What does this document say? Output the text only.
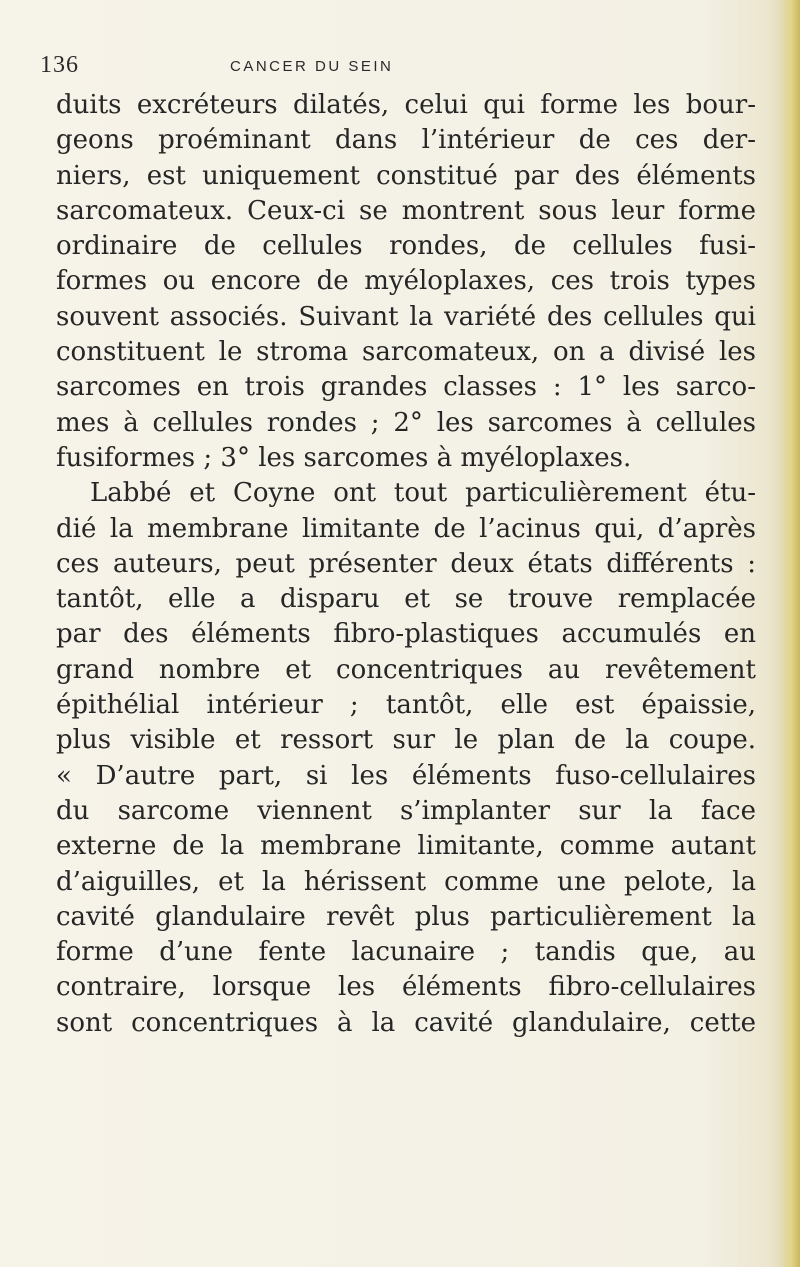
136	CANCER DU SEIN
duits excréteurs dilatés, celui qui forme les bour-
geons proéminant dans l’intérieur de ces der-
niers, est uniquement constitué par des éléments
sarcomateux. Ceux-ci se montrent sous leur forme
ordinaire de cellules rondes, de cellules fusi-
formes ou encore de myéloplaxes, ces trois types
souvent associés. Suivant la variété des cellules qui
constituent le stroma sarcomateux, on a divisé les
sarcomes en trois grandes classes : 1° les sarco-
mes à cellules rondes ; 2° les sarcomes à cellules
fusiformes ; 3° les sarcomes à myéloplaxes.
Labbé et Coyne ont tout particulièrement étu-
dié la membrane limitante de l’acinus qui, d’après
ces auteurs, peut présenter deux états différents :
tantôt, elle a disparu et se trouve remplacée
par des éléments fibro-plastiques accumulés en
grand nombre et concentriques au revêtement
épithélial intérieur ; tantôt, elle est épaissie,
plus visible et ressort sur le plan de la coupe.
« D’autre part, si les éléments fuso-cellulaires
du sarcome viennent s’implanter sur la face
externe de la membrane limitante, comme autant
d’aiguilles, et la hérissent comme une pelote, la
cavité glandulaire revêt plus particulièrement la
forme d’une fente lacunaire ; tandis que, au
contraire, lorsque les éléments fibro-cellulaires
sont concentriques à la cavité glandulaire, cette
